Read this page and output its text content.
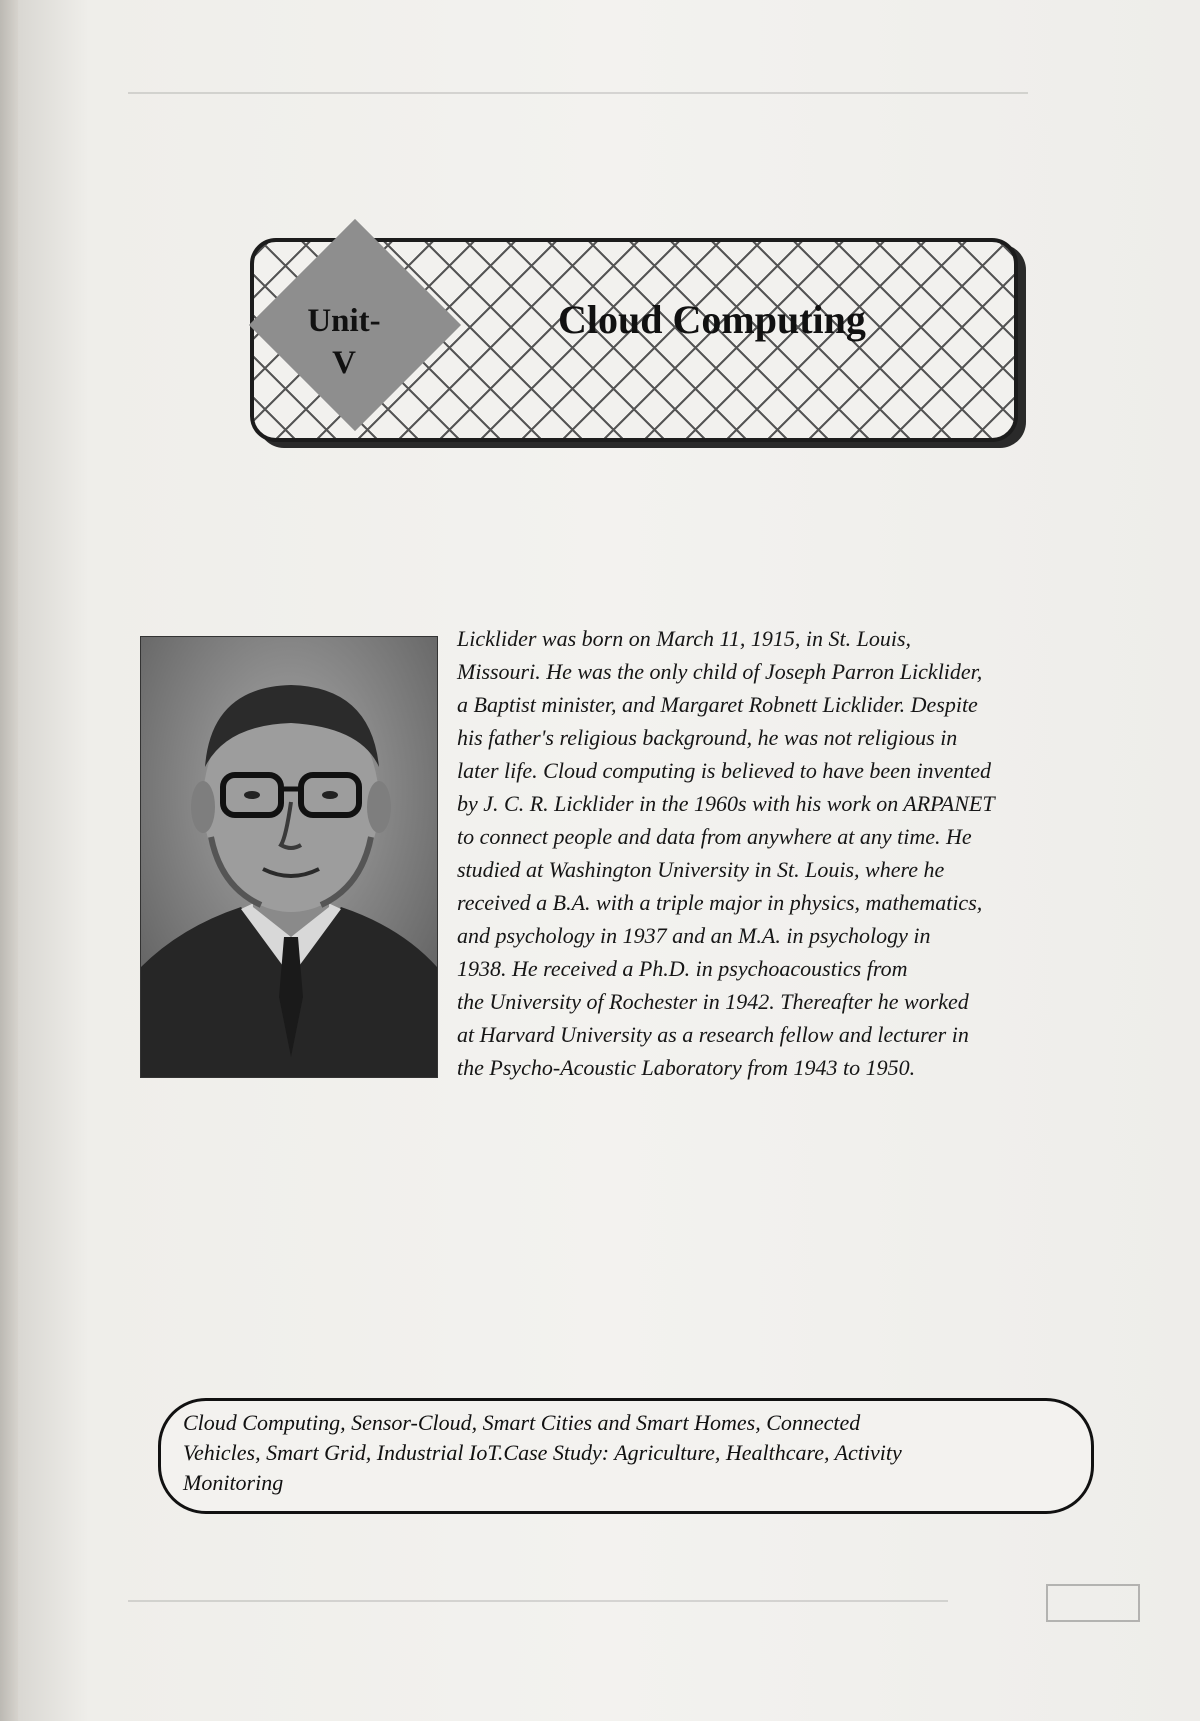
Unit-
V
Cloud Computing
Licklider was born on March 11, 1915, in St. Louis,
Missouri. He was the only child of Joseph Parron Licklider,
a Baptist minister, and Margaret Robnett Licklider. Despite
his father's religious background, he was not religious in
later life. Cloud computing is believed to have been invented
by J. C. R. Licklider in the 1960s with his work on ARPANET
to connect people and data from anywhere at any time. He
studied at Washington University in St. Louis, where he
received a B.A. with a triple major in physics, mathematics,
and psychology in 1937 and an M.A. in psychology in
1938. He received a Ph.D. in psychoacoustics from
the University of Rochester in 1942. Thereafter he worked
at Harvard University as a research fellow and lecturer in
the Psycho-Acoustic Laboratory from 1943 to 1950.
Cloud Computing, Sensor-Cloud, Smart Cities and Smart Homes, Connected
Vehicles, Smart Grid, Industrial IoT.Case Study: Agriculture, Healthcare, Activity
Monitoring
